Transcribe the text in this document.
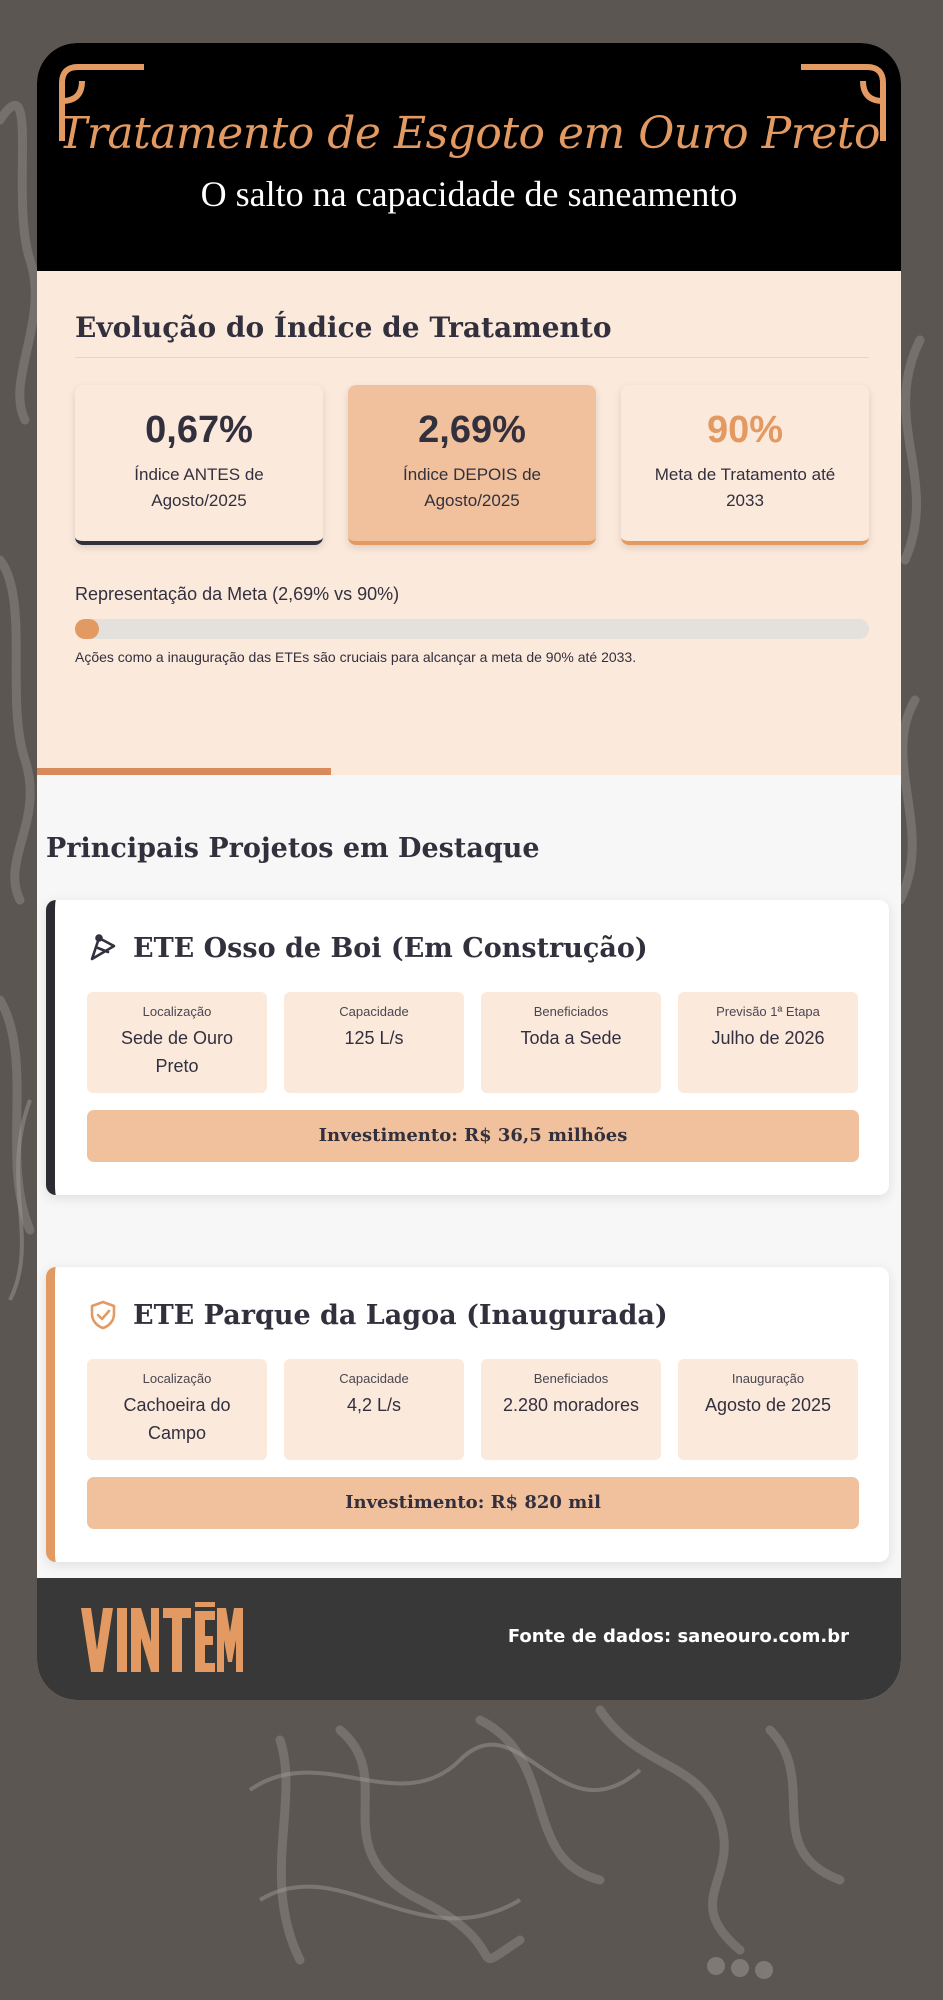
Tratamento de Esgoto em Ouro Preto
O salto na capacidade de saneamento
Evolução do Índice de Tratamento
0,67%
Índice ANTES de Agosto/2025
2,69%
Índice DEPOIS de Agosto/2025
90%
Meta de Tratamento até 2033
Representação da Meta (2,69% vs 90%)
Ações como a inauguração das ETEs são cruciais para alcançar a meta de 90% até 2033.
Principais Projetos em Destaque
ETE Osso de Boi (Em Construção)
Localização
Sede de Ouro Preto
Capacidade
125 L/s
Beneficiados
Toda a Sede
Previsão 1ª Etapa
Julho de 2026
Investimento: R$ 36,5 milhões
ETE Parque da Lagoa (Inaugurada)
Localização
Cachoeira do Campo
Capacidade
4,2 L/s
Beneficiados
2.280 moradores
Inauguração
Agosto de 2025
Investimento: R$ 820 mil
Fonte de dados: saneouro.com.br
